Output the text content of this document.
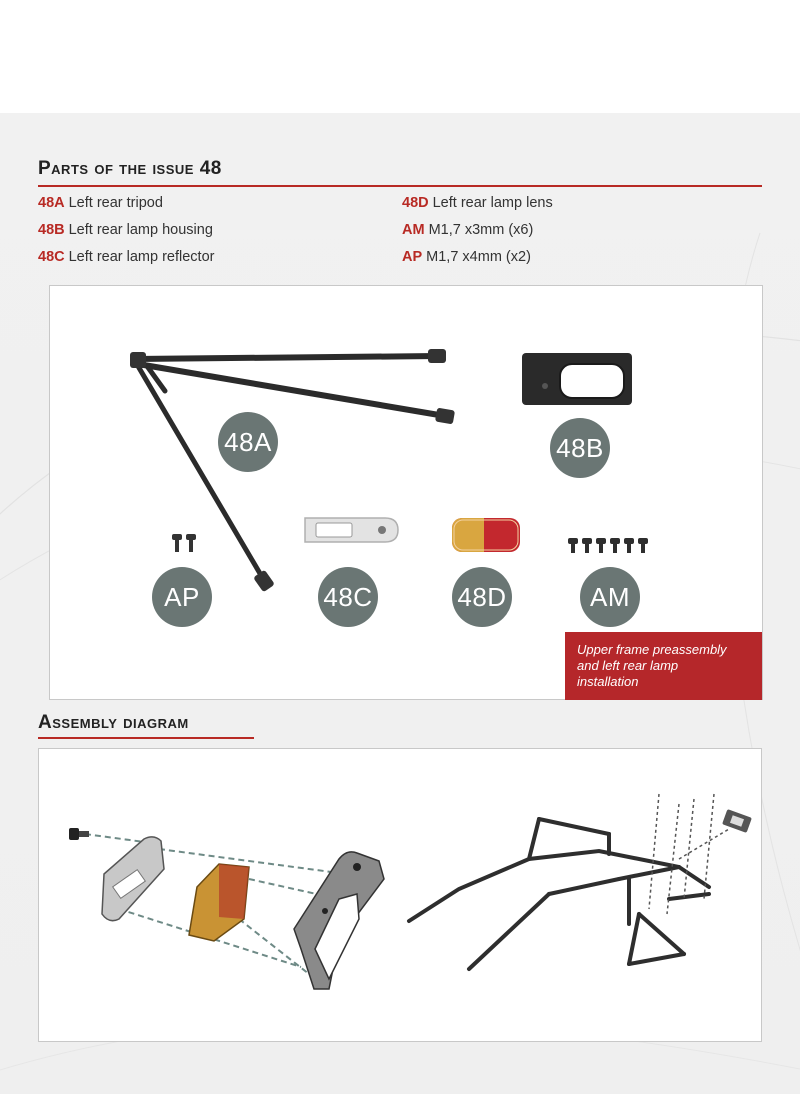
Parts of the issue 48
48A Left rear tripod
48B Left rear lamp housing
48C Left rear lamp reflector
48D Left rear lamp lens
AM M1,7 x3mm (x6)
AP M1,7 x4mm (x2)
48A	48B
AP	48C	48D	AM
Upper frame preassembly
and left rear lamp
installation
Assembly diagram
